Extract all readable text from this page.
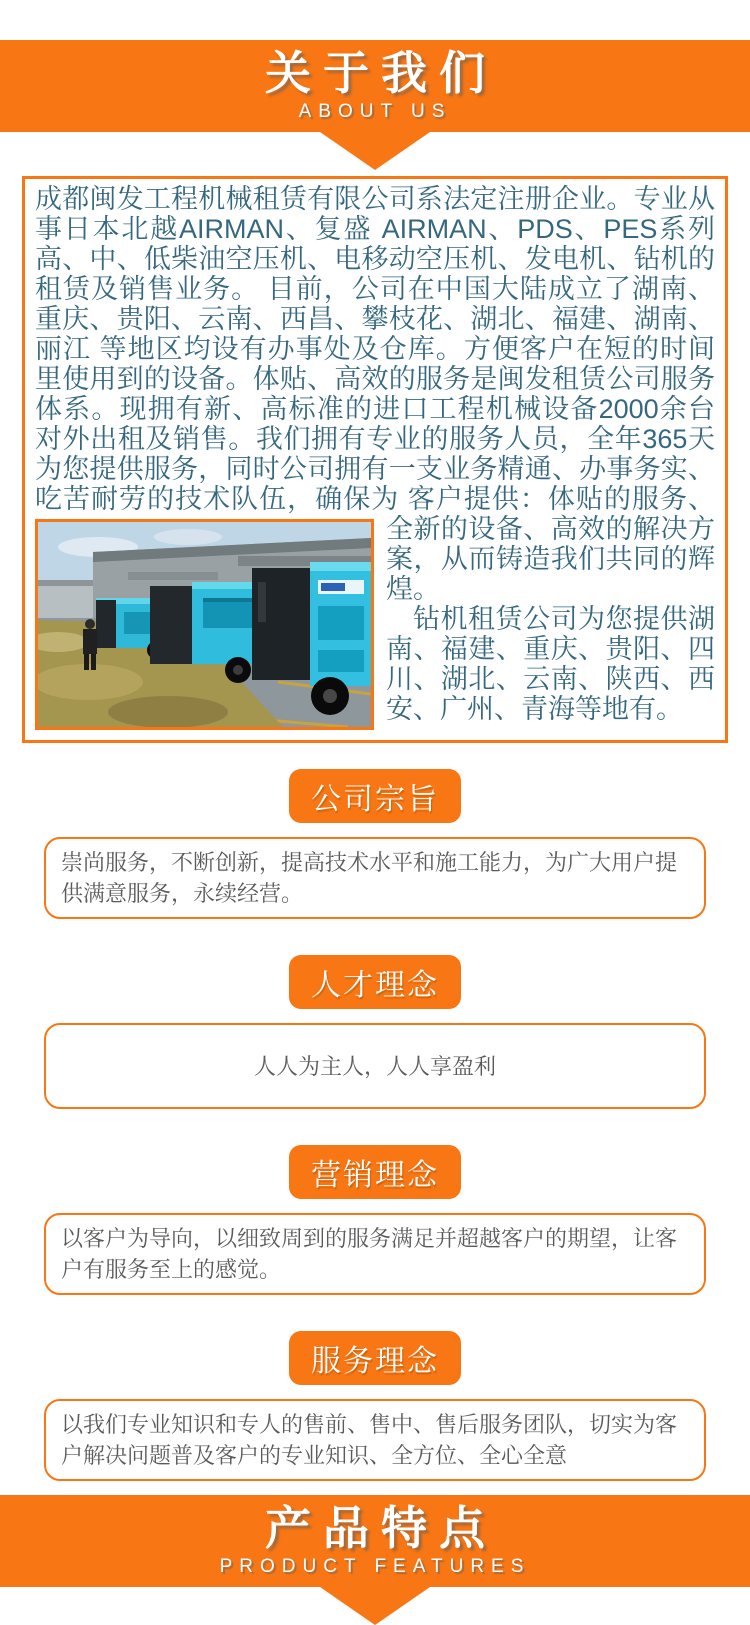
关于我们
ABOUT US
成都闽发工程机械租赁有限公司系法定注册企业。专业从事日本北越AIRMAN、复盛 AIRMAN、PDS、PES系列高、中、低柴油空压机、电移动空压机、发电机、钻机的租赁及销售业务。 目前，公司在中国大陆成立了湖南、重庆、贵阳、云南、西昌、攀枝花、湖北、福建、湖南、丽江 等地区均设有办事处及仓库。方便客户在短的时间里使用到的设备。体贴、高效的服务是闽发租赁公司服务体系。现拥有新、高标准的进口工程机械设备2000余台对外出租及销售。我们拥有专业的服务人员，全年365天为您提供服务，同时公司拥有一支业务精通、办事务实、吃苦耐劳的技术队伍，确保为 客户提供：体贴的服务、全新的设备、高效的解决方案，从而铸造我们共同的辉煌。

钻机租赁公司为您提供湖南、福建、重庆、贵阳、四川、湖北、云南、陕西、西安、广州、青海等地有。

公司宗旨
崇尚服务，不断创新，提高技术水平和施工能力，为广大用户提供满意服务，永续经营。
人才理念
人人为主人，人人享盈利
营销理念
以客户为导向，以细致周到的服务满足并超越客户的期望，让客户有服务至上的感觉。
服务理念
以我们专业知识和专人的售前、售中、售后服务团队，切实为客户解决问题普及客户的专业知识、全方位、全心全意
产品特点
PRODUCT FEATURES
